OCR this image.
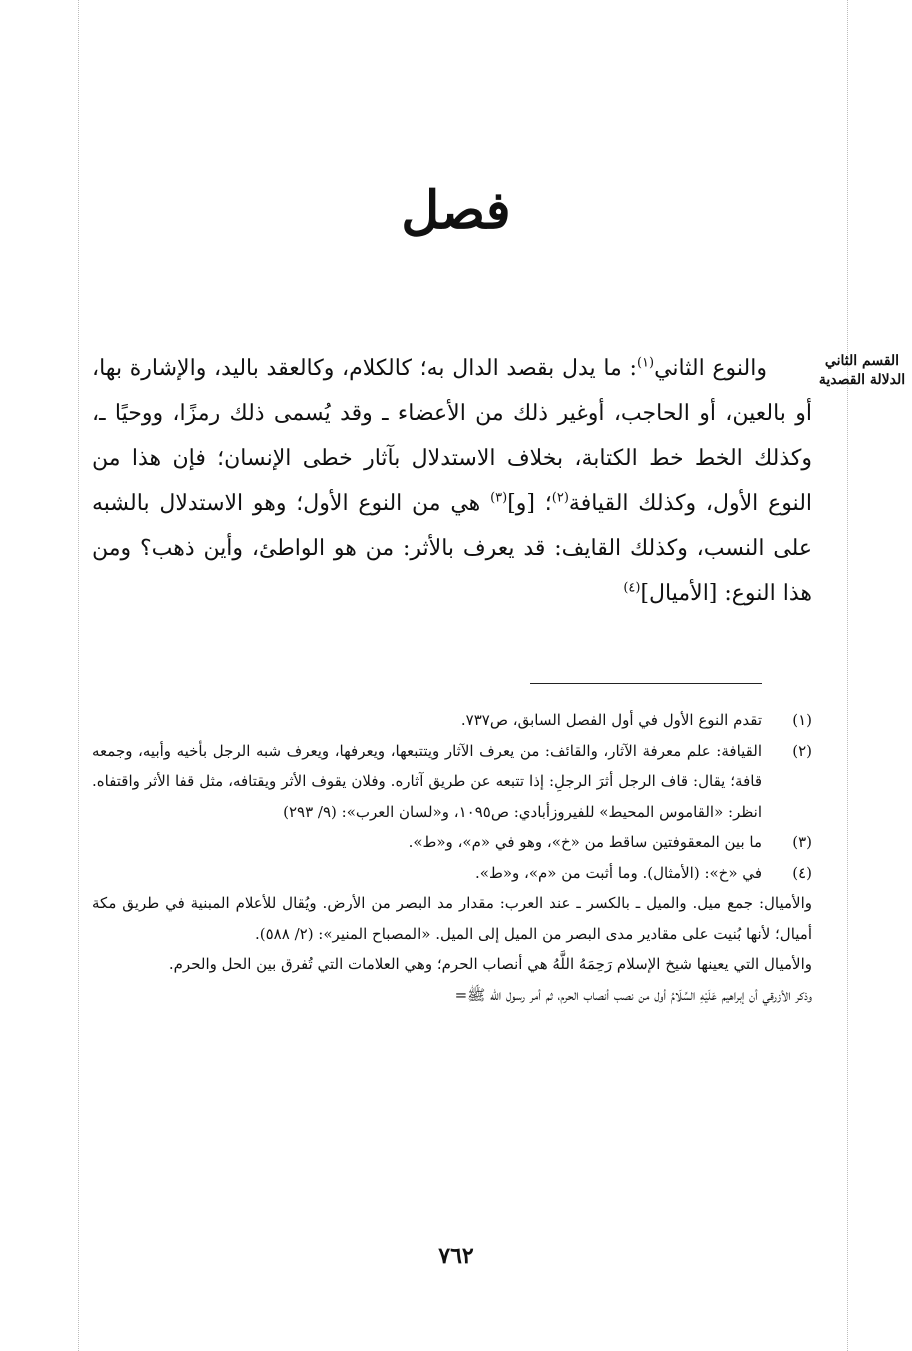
فصل
القسم الثاني
الدلالة القصدية

والنوع الثاني$^{(١)}$: ما يدل بقصد الدال به؛ كالكلام، وكالعقد باليد، والإشارة بها، أو بالعين، أو الحاجب، أوغير ذلك من الأعضاء ـ وقد يُسمى ذلك رمزًا، ووحيًا ـ، وكذلك الخط خط الكتابة، بخلاف الاستدلال بآثار خطى الإنسان؛ فإن هذا من النوع الأول، وكذلك القيافة$^{(٢)}$؛ [و]$^{(٣)}$ هي من النوع الأول؛ وهو الاستدلال بالشبه على النسب، وكذلك القايف: قد يعرف بالأثر: من هو الواطئ، وأين ذهب؟ ومن هذا النوع: [الأميال]$^{(٤)}$

(١)
تقدم النوع الأول في أول الفصل السابق، ص٧٣٧.
(٢)
القيافة: علم معرفة الآثار، والقائف: من يعرف الآثار ويتتبعها، ويعرفها، ويعرف شبه الرجل بأخيه وأبيه، وجمعه قافة؛ يقال: قاف الرجل أثرَ الرجلِ: إذا تتبعه عن طريق آثاره. وفلان يقوف الأثر ويقتافه، مثل قفا الأثر واقتفاه. انظر: «القاموس المحيط» للفيروزأبادي: ص١٠٩٥، و«لسان العرب»: (٩/ ٢٩٣)
(٣)
ما بين المعقوفتين ساقط من «خ»، وهو في «م»، و«ط».
(٤)
في «خ»: (الأمثال). وما أثبت من «م»، و«ط».

والأميال: جمع ميل. والميل ـ بالكسر ـ عند العرب: مقدار مد البصر من الأرض. ويُقال للأعلام المبنية في طريق مكة أميال؛ لأنها بُنيت على مقادير مدى البصر من الميل إلى الميل. «المصباح المنير»: (٢/ ٥٨٨).

والأميال التي يعينها شيخ الإسلام رَحِمَهُ اللَّهُ هي أنصاب الحرم؛ وهي العلامات التي تُفرق بين الحل والحرم.

وذكر الأزرقي أن إبراهيم عَلَيْهِ السَّلَامُ أول من نصب أنصاب الحرم، ثم أمر رسول الله ﷺ=

٧٦٢
